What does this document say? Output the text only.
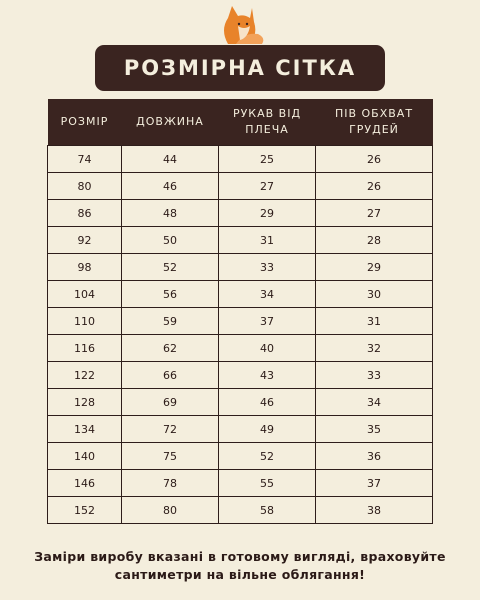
РОЗМІРНА СІТКА
РОЗМІР	ДОВЖИНА	РУКАВ ВІД ПЛЕЧА	ПІВ ОБХВАТ ГРУДЕЙ
74	44	25	26
80	46	27	26
86	48	29	27
92	50	31	28
98	52	33	29
104	56	34	30
110	59	37	31
116	62	40	32
122	66	43	33
128	69	46	34
134	72	49	35
140	75	52	36
146	78	55	37
152	80	58	38
Заміри виробу вказані в готовому вигляді, враховуйте
сантиметри на вільне облягання!
